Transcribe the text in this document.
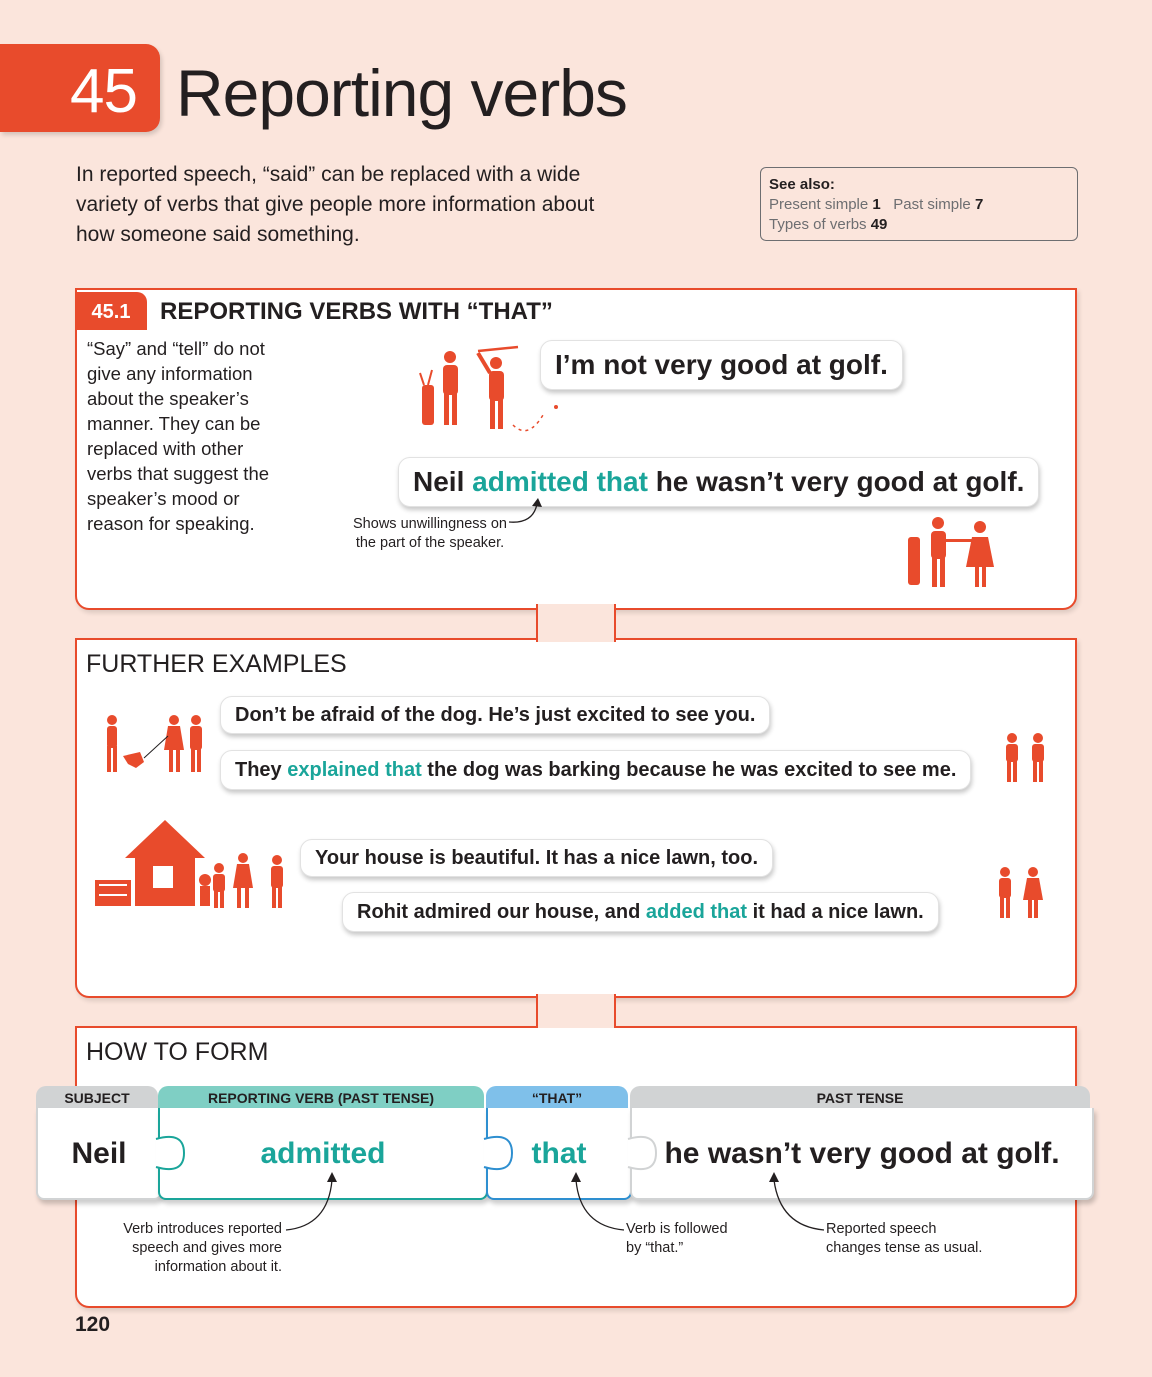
45 Reporting verbs
In reported speech, “said” can be replaced with a wide variety of verbs that give people more information about how someone said something.
See also:
Present simple 1 Past simple 7
Types of verbs 49
45.1	REPORTING VERBS WITH “THAT”
“Say” and “tell” do not give any information about the speaker’s manner. They can be replaced with other verbs that suggest the speaker’s mood or reason for speaking.
I’m not very good at golf.
Neil admitted that he wasn’t very good at golf.
Shows unwillingness on the part of the speaker.
FURTHER EXAMPLES
Don’t be afraid of the dog. He’s just excited to see you.
They explained that the dog was barking because he was excited to see me.
Your house is beautiful. It has a nice lawn, too.
Rohit admired our house, and added that it had a nice lawn.
HOW TO FORM
SUBJECT	REPORTING VERB (PAST TENSE)	“THAT”	PAST TENSE
Neil	admitted	that	he wasn’t very good at golf.
Verb introduces reported speech and gives more information about it.
Verb is followed by “that.”
Reported speech changes tense as usual.
120
